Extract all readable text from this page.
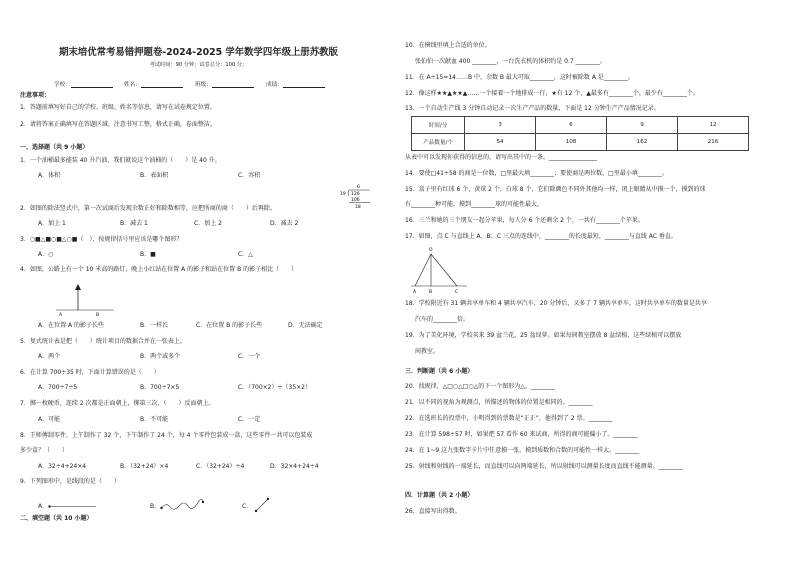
期末培优常考易错押题卷-2024-2025 学年数学四年级上册苏教版
考试时间：90 分钟；试卷总分：100 分；
学校：	姓名：	班级：	成绩：
注意事项：
1．答题前填写好自己的学校、班级、姓名等信息，请写在试卷规定位置。
2．请将答案正确填写在答题区域，注意书写工整，格式正确，卷面整洁。
一、选择题（共 9 小题）
1．一个油桶最多能装 40 升汽油，我们就说这个油桶的（　　）是 40 升。
A．体积	B．表面积	C．容积
6
19 126
106
18
2．如图的除法竖式中，第一次试商后发现余数正好和除数相等，应把所商的商（　　）后再除。
A．加上 1	B．减去 1	C．加上 2	D．减去 2
3．○■△■○■△○■（　），按规律括号里应该是哪个图形？
A．○	B．■	C．△
4．如图，公路上有一个 10 米高的路灯，晚上小红站在位置 A 的影子和站在位置 B 的影子相比（　　）
A	B
A．在位置 A 的影子长些	B．一样长	C．在位置 B 的影子长些	D．无法确定
5．复式统计表是把（　　）统计项目的数据合并在一张表上。
A．两个	B．两个或多个	C．一个
6．在计算 700÷35 时，下面计算错误的是（　　）
A．700÷7÷5	B．700÷7×5	C．（700×2）÷（35×2）
7．掷一枚硬币，连续 2 次都是正面朝上，掷第三次，（　　）反面朝上。
A．可能	B．不可能	C．一定
8．王师傅制零件，上午制作了 32 个，下午制作了 24 个，每 4 个零件包装成一盒，这些零件一共可以包装成
多少盒？（　　）
A．32÷4+24×4	B．（32+24）×4	C．（32+24）÷4	D．32×4+24÷4
9．下列图形中，是线段的是（　　）
A．	B．	C．
二、填空题（共 10 小题）
10．在横线里填上合适的单位。
张伯伯一次献血 400 ________，一台洗衣机的体积约是 0.7 ________。
11．在 A÷15=14……B 中，余数 B 最大可取________，这时被除数 A 是________。
12．像这样★★▲★★▲……一个接着一个地排成一行，★有 12 个，▲最多有________个，最少有________个。
13．一个自动生产线 3 分钟自动记录一次生产产品的数量，下面是 12 分钟生产产品情况记录。
时间/分	3	6	9	12
产品数量/个	54	108	162	216
从表中可以发现你获得的信息的，请写出其中的一条。________________
14．要使□41÷58 的商是一位数，□里最大填________；要使商是两位数，□里最小填________。
15．盒子里有红球 6 个，黄球 2 个，白球 8 个，它们除颜色不同外其他均一样，闭上眼睛从中摸一个，摸到的球
有________种可能，摸到________球的可能性最大。
16．三兰和她的三个朋友一起分苹果，每人分 6 个还剩余 2 个，一共有________个苹果。
17．如图，点 C 与直线上 A、B、C 三点的连线中，________的长度最短，________与直线 AC 垂直。
O
A	B	C
18．学校附近有 31 辆共享单车和 4 辆共享汽车，20 分钟后，又多了 7 辆共享单车，这时共享单车的数量是共享
汽车的________倍。
19．为了美化环境，学校买来 39 盆兰花，25 盆绿萝。如果每间教室摆放 8 盆绿植，这些绿植可以摆放
间教室。
三．判断题（共 6 小题）
20．找规律，△□○△□○△的下一个图形为△。________
21．以不同的视角为观测点，所描述的物体的位置是相同的。________
22．在选班长的投票中，小明得到的票数是“正正”，他得到了 2 票。________
23．在计算 598÷57 时，如果把 57 看作 60 来试商，所得的商可能偏小了。________
24．在 1~9 这九张数字卡片中任意摸一张，摸到质数和合数的可能性一样大。________
25．射线和射线的一端延长，而直线可以向两端延长，所以射线可以测量长度而直线不能测量。________
四．计算题（共 2 小题）
26．直接写出得数。
